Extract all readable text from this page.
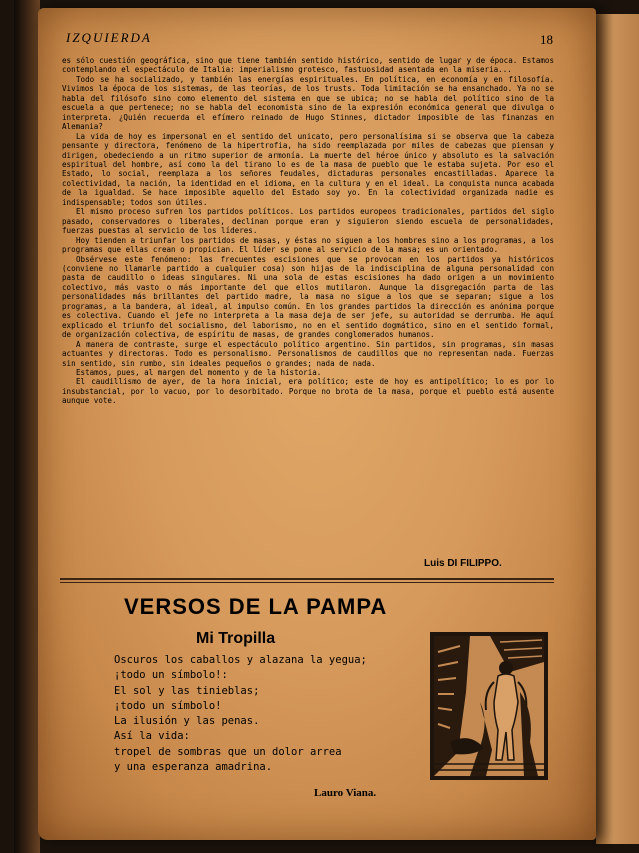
IZQUIERDA	18

es sólo cuestión geográfica, sino que tiene también sentido histórico, sentido de lugar y de época. Estamos contemplando el espectáculo de Italia: imperialismo grotesco, fastuosidad asentada en la miseria...

Todo se ha socializado, y también las energías espirituales. En política, en economía y en filosofía. Vivimos la época de los sistemas, de las teorías, de los trusts. Toda limitación se ha ensanchado. Ya no se habla del filósofo sino como elemento del sistema en que se ubica; no se habla del político sino de la escuela a que pertenece; no se habla del economista sino de la expresión económica general que divulga o interpreta. ¿Quién recuerda el efímero reinado de Hugo Stinnes, dictador imposible de las finanzas en Alemania?

La vida de hoy es impersonal en el sentido del unicato, pero personalísima si se observa que la cabeza pensante y directora, fenómeno de la hipertrofia, ha sido reemplazada por miles de cabezas que piensan y dirigen, obedeciendo a un ritmo superior de armonía. La muerte del héroe único y absoluto es la salvación espiritual del hombre, así como la del tirano lo es de la masa de pueblo que le estaba sujeta. Por eso el Estado, lo social, reemplaza a los señores feudales, dictaduras personales encastilladas. Aparece la colectividad, la nación, la identidad en el idioma, en la cultura y en el ideal. La conquista nunca acabada de la igualdad. Se hace imposible aquello del Estado soy yo. En la colectividad organizada nadie es indispensable; todos son útiles.

El mismo proceso sufren los partidos políticos. Los partidos europeos tradicionales, partidos del siglo pasado, conservadores o liberales, declinan porque eran y siguieron siendo escuela de personalidades, fuerzas puestas al servicio de los líderes.

Hoy tienden a triunfar los partidos de masas, y éstas no siguen a los hombres sino a los programas, a los programas que ellas crean o propician. El líder se pone al servicio de la masa; es un orientado.

Obsérvese este fenómeno: las frecuentes escisiones que se provocan en los partidos ya históricos (conviene no llamarle partido a cualquier cosa) son hijas de la indisciplina de alguna personalidad con pasta de caudillo o ideas singulares. Ni una sola de estas escisiones ha dado origen a un movimiento colectivo, más vasto o más importante del que ellos mutilaron. Aunque la disgregación parta de las personalidades más brillantes del partido madre, la masa no sigue a los que se separan; sigue a los programas, a la bandera, al ideal, al impulso común. En los grandes partidos la dirección es anónima porque es colectiva. Cuando el jefe no interpreta a la masa deja de ser jefe, su autoridad se derrumba. He aquí explicado el triunfo del socialismo, del laborismo, no en el sentido dogmático, sino en el sentido formal, de organización colectiva, de espíritu de masas, de grandes conglomerados humanos.

A manera de contraste, surge el espectáculo político argentino. Sin partidos, sin programas, sin masas actuantes y directoras. Todo es personalismo. Personalismos de caudillos que no representan nada. Fuerzas sin sentido, sin rumbo, sin ideales pequeños o grandes; nada de nada.

Estamos, pues, al margen del momento y de la historia.

El caudillismo de ayer, de la hora inicial, era político; este de hoy es antipolítico; lo es por lo insubstancial, por lo vacuo, por lo desorbitado. Porque no brota de la masa, porque el pueblo está ausente aunque vote.

Luis DI FILIPPO.
VERSOS DE LA PAMPA
Mi Tropilla
Oscuros los caballos y alazana la yegua;
¡todo un símbolo!:
El sol y las tinieblas;
¡todo un símbolo!
La ilusión y las penas.
Así la vida:
tropel de sombras que un dolor arrea
y una esperanza amadrina.
Lauro Viana.
